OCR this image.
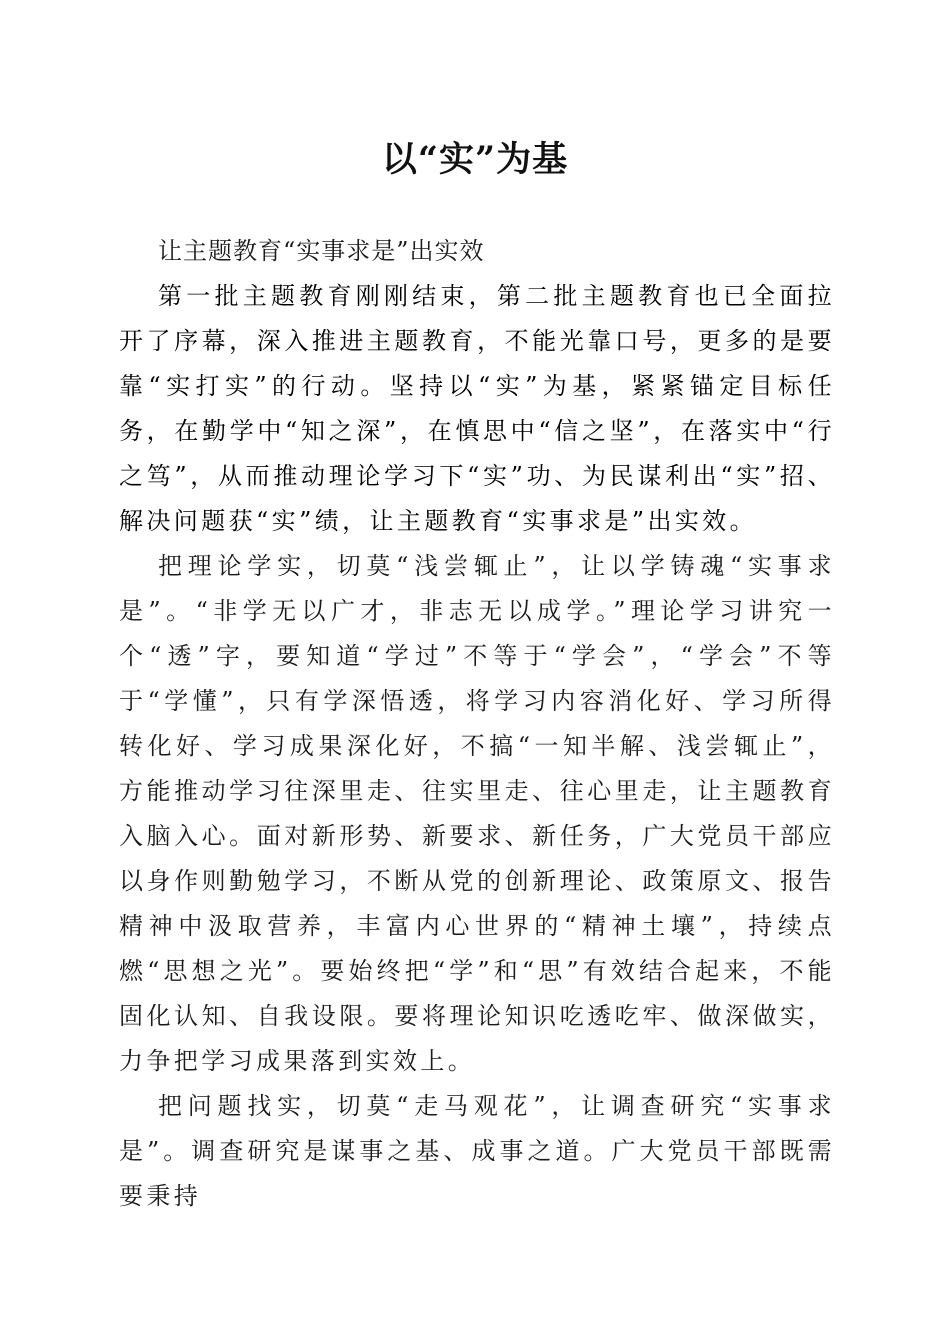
以“实”为基

让主题教育“实事求是”出实效

第一批主题教育刚刚结束，第二批主题教育也已全面拉开了序幕，深入推进主题教育，不能光靠口号，更多的是要靠“实打实”的行动。坚持以“实”为基，紧紧锚定目标任务，在勤学中“知之深”，在慎思中“信之坚”，在落实中“行之笃”，从而推动理论学习下“实”功、为民谋利出“实”招、解决问题获“实”绩，让主题教育“实事求是”出实效。

把理论学实，切莫“浅尝辄止”，让以学铸魂“实事求是”。“非学无以广才，非志无以成学。”理论学习讲究一个“透”字，要知道“学过”不等于“学会”，“学会”不等于“学懂”，只有学深悟透，将学习内容消化好、学习所得转化好、学习成果深化好，不搞“一知半解、浅尝辄止”，方能推动学习往深里走、往实里走、往心里走，让主题教育入脑入心。面对新形势、新要求、新任务，广大党员干部应以身作则勤勉学习，不断从党的创新理论、政策原文、报告精神中汲取营养，丰富内心世界的“精神土壤”，持续点燃“思想之光”。要始终把“学”和“思”有效结合起来，不能固化认知、自我设限。要将理论知识吃透吃牢、做深做实，力争把学习成果落到实效上。

把问题找实，切莫“走马观花”，让调查研究“实事求是”。调查研究是谋事之基、成事之道。广大党员干部既需要秉持
